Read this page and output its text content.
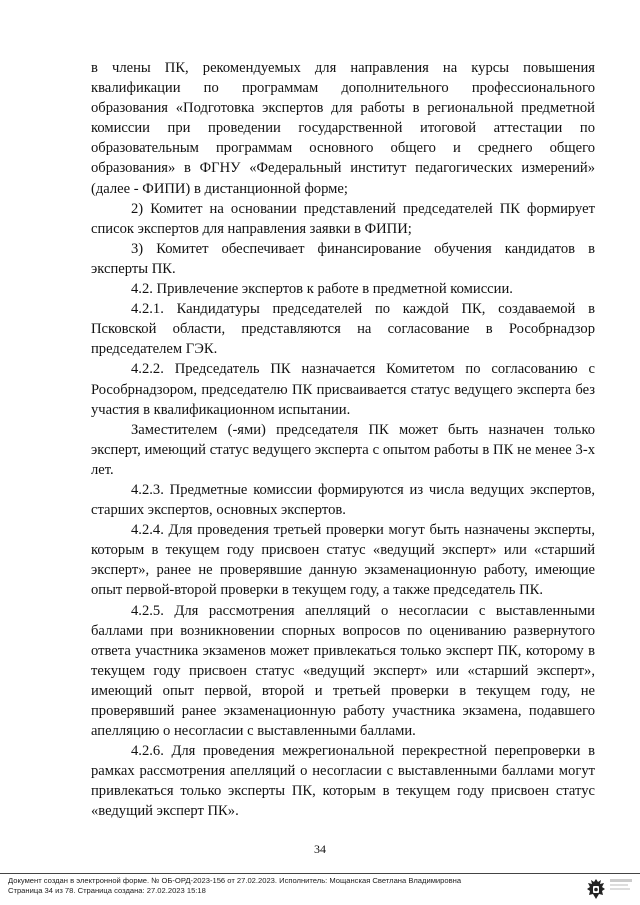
в члены ПК, рекомендуемых для направления на курсы повышения квалификации по программам дополнительного профессионального образования «Подготовка экспертов для работы в региональной предметной комиссии при проведении государственной итоговой аттестации по образовательным программам основного общего и среднего общего образования» в ФГНУ «Федеральный институт педагогических измерений» (далее - ФИПИ) в дистанционной форме;

2) Комитет на основании представлений председателей ПК формирует список экспертов для направления заявки в ФИПИ;

3) Комитет обеспечивает финансирование обучения кандидатов в эксперты ПК.

4.2. Привлечение экспертов к работе в предметной комиссии.

4.2.1. Кандидатуры председателей по каждой ПК, создаваемой в Псковской области, представляются на согласование в Рособрнадзор председателем ГЭК.

4.2.2. Председатель ПК назначается Комитетом по согласованию с Рособрнадзором, председателю ПК присваивается статус ведущего эксперта без участия в квалификационном испытании.

Заместителем (-ями) председателя ПК может быть назначен только эксперт, имеющий статус ведущего эксперта с опытом работы в ПК не менее 3-х лет.

4.2.3. Предметные комиссии формируются из числа ведущих экспертов, старших экспертов, основных экспертов.

4.2.4. Для проведения третьей проверки могут быть назначены эксперты, которым в текущем году присвоен статус «ведущий эксперт» или «старший эксперт», ранее не проверявшие данную экзаменационную работу, имеющие опыт первой-второй проверки в текущем году, а также председатель ПК.

4.2.5. Для рассмотрения апелляций о несогласии с выставленными баллами при возникновении спорных вопросов по оцениванию развернутого ответа участника экзаменов может привлекаться только эксперт ПК, которому в текущем году присвоен статус «ведущий эксперт» или «старший эксперт», имеющий опыт первой, второй и третьей проверки в текущем году, не проверявший ранее экзаменационную работу участника экзамена, подавшего апелляцию о несогласии с выставленными баллами.

4.2.6. Для проведения межрегиональной перекрестной перепроверки в рамках рассмотрения апелляций о несогласии с выставленными баллами могут привлекаться только эксперты ПК, которым в текущем году присвоен статус «ведущий эксперт ПК».

34
Документ создан в электронной форме. № ОБ-ОРД-2023-156 от 27.02.2023. Исполнитель: Мощанская Светлана Владимировна
Страница 34 из 78. Страница создана: 27.02.2023 15:18
